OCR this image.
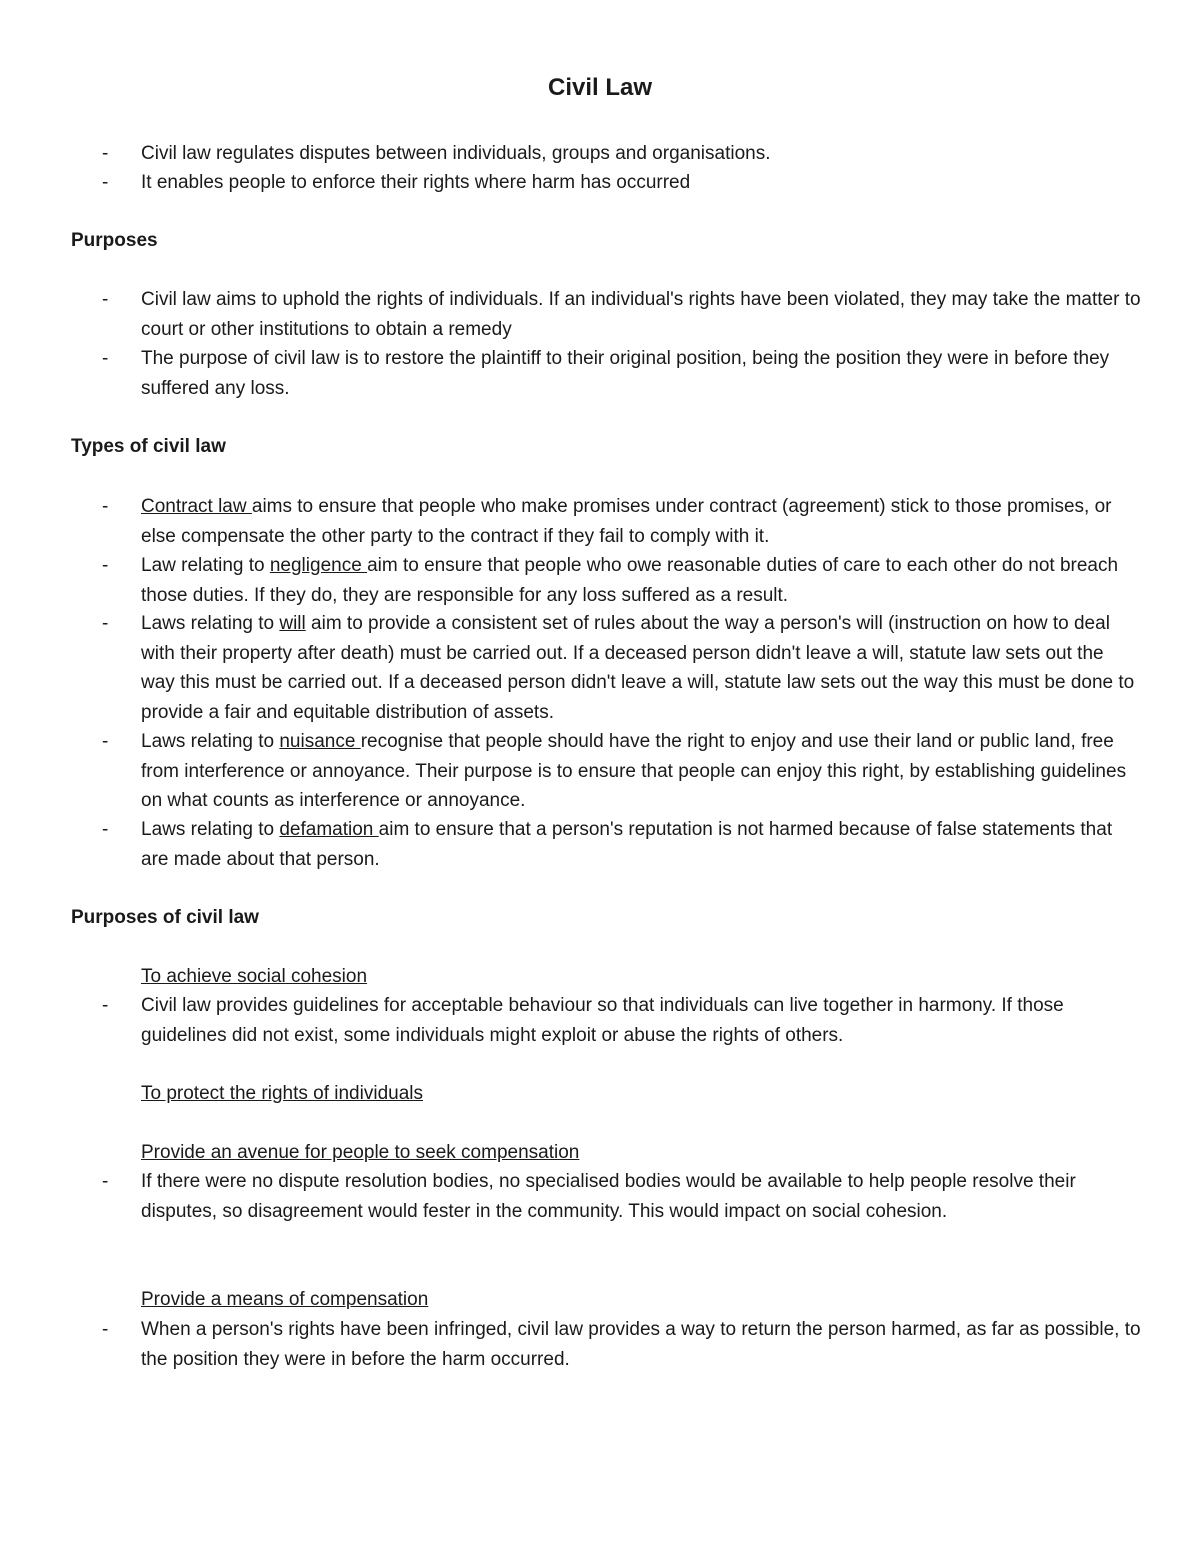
Civil Law
- Civil law regulates disputes between individuals, groups and organisations.
- It enables people to enforce their rights where harm has occurred
Purposes
- Civil law aims to uphold the rights of individuals. If an individual's rights have been violated, they may take the matter to court or other institutions to obtain a remedy
- The purpose of civil law is to restore the plaintiff to their original position, being the position they were in before they suffered any loss.
Types of civil law
- Contract law aims to ensure that people who make promises under contract (agreement) stick to those promises, or else compensate the other party to the contract if they fail to comply with it.
- Law relating to negligence aim to ensure that people who owe reasonable duties of care to each other do not breach those duties. If they do, they are responsible for any loss suffered as a result.
- Laws relating to will aim to provide a consistent set of rules about the way a person's will (instruction on how to deal with their property after death) must be carried out. If a deceased person didn't leave a will, statute law sets out the way this must be carried out. If a deceased person didn't leave a will, statute law sets out the way this must be done to provide a fair and equitable distribution of assets.
- Laws relating to nuisance recognise that people should have the right to enjoy and use their land or public land, free from interference or annoyance. Their purpose is to ensure that people can enjoy this right, by establishing guidelines on what counts as interference or annoyance.
- Laws relating to defamation aim to ensure that a person's reputation is not harmed because of false statements that are made about that person.
Purposes of civil law
To achieve social cohesion
- Civil law provides guidelines for acceptable behaviour so that individuals can live together in harmony. If those guidelines did not exist, some individuals might exploit or abuse the rights of others.
To protect the rights of individuals
Provide an avenue for people to seek compensation
- If there were no dispute resolution bodies, no specialised bodies would be available to help people resolve their disputes, so disagreement would fester in the community. This would impact on social cohesion.
Provide a means of compensation
- When a person's rights have been infringed, civil law provides a way to return the person harmed, as far as possible, to the position they were in before the harm occurred.
